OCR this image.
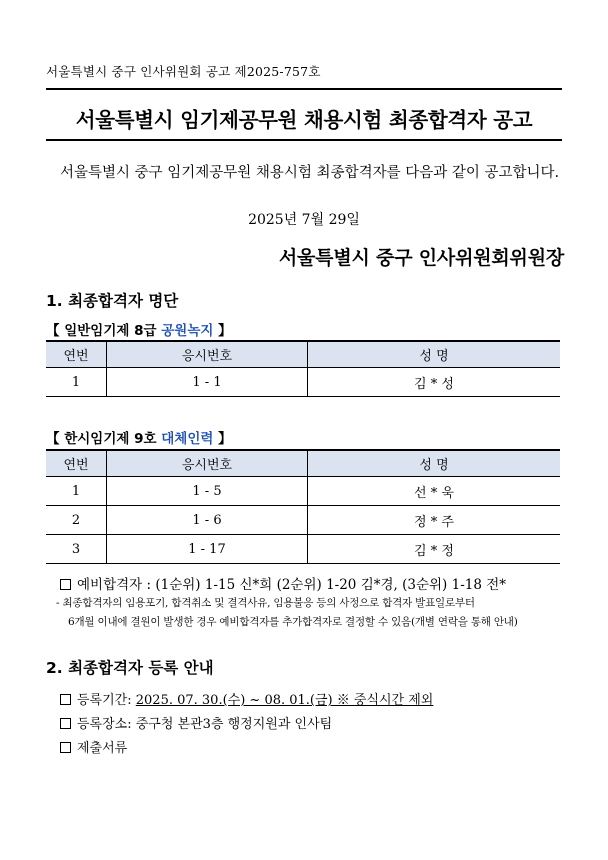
서울특별시 중구 인사위원회 공고 제2025-757호
서울특별시 임기제공무원 채용시험 최종합격자 공고
서울특별시 중구 임기제공무원 채용시험 최종합격자를 다음과 같이 공고합니다.
2025년 7월 29일
서울특별시 중구 인사위원회위원장
1. 최종합격자 명단
【 일반임기제 8급 공원녹지 】
연번	응시번호	성 명
1	1 - 1	김 * 성
【 한시임기제 9호 대체인력 】
연번	응시번호	성 명
1	1 - 5	선 * 욱
2	1 - 6	정 * 주
3	1 - 17	김 * 정
예비합격자 : (1순위) 1-15 신*희 (2순위) 1-20 김*경, (3순위) 1-18 전*
- 최종합격자의 임용포기, 합격취소 및 결격사유, 임용불응 등의 사정으로 합격자 발표일로부터
6개월 이내에 결원이 발생한 경우 예비합격자를 추가합격자로 결정할 수 있음(개별 연락을 통해 안내)
2. 최종합격자 등록 안내
등록기간: 2025. 07. 30.(수) ~ 08. 01.(금) ※ 중식시간 제외
등록장소: 중구청 본관3층 행정지원과 인사팀
제출서류
